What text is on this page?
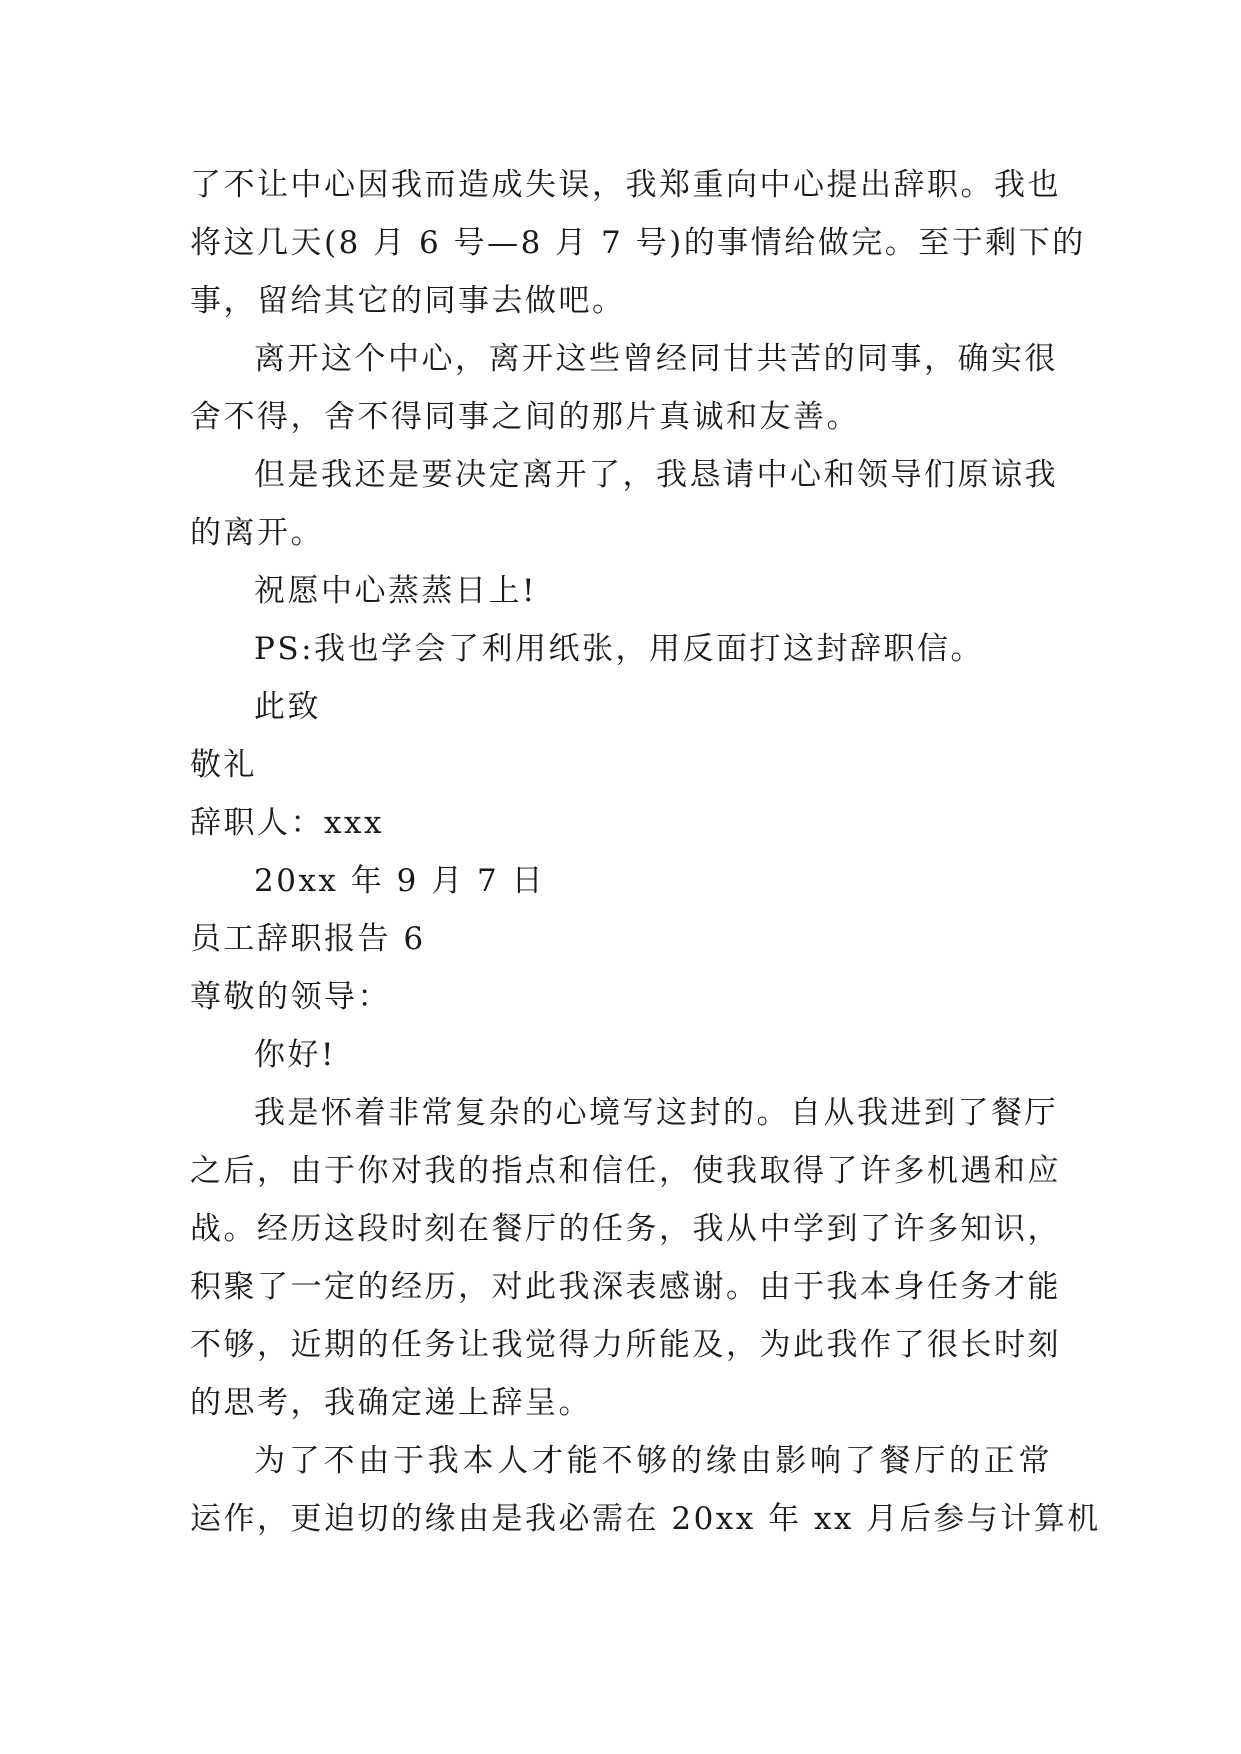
了不让中心因我而造成失误，我郑重向中心提出辞职。我也
将这几天(8 月 6 号—8 月 7 号)的事情给做完。至于剩下的
事，留给其它的同事去做吧。
离开这个中心，离开这些曾经同甘共苦的同事，确实很
舍不得，舍不得同事之间的那片真诚和友善。
但是我还是要决定离开了，我恳请中心和领导们原谅我
的离开。
祝愿中心蒸蒸日上!
PS:我也学会了利用纸张，用反面打这封辞职信。
此致
敬礼
辞职人：xxx
20xx 年 9 月 7 日
员工辞职报告 6
尊敬的领导：
你好!
我是怀着非常复杂的心境写这封的。自从我进到了餐厅
之后，由于你对我的指点和信任，使我取得了许多机遇和应
战。经历这段时刻在餐厅的任务，我从中学到了许多知识，
积聚了一定的经历，对此我深表感谢。由于我本身任务才能
不够，近期的任务让我觉得力所能及，为此我作了很长时刻
的思考，我确定递上辞呈。
为了不由于我本人才能不够的缘由影响了餐厅的正常
运作，更迫切的缘由是我必需在 20xx 年 xx 月后参与计算机
